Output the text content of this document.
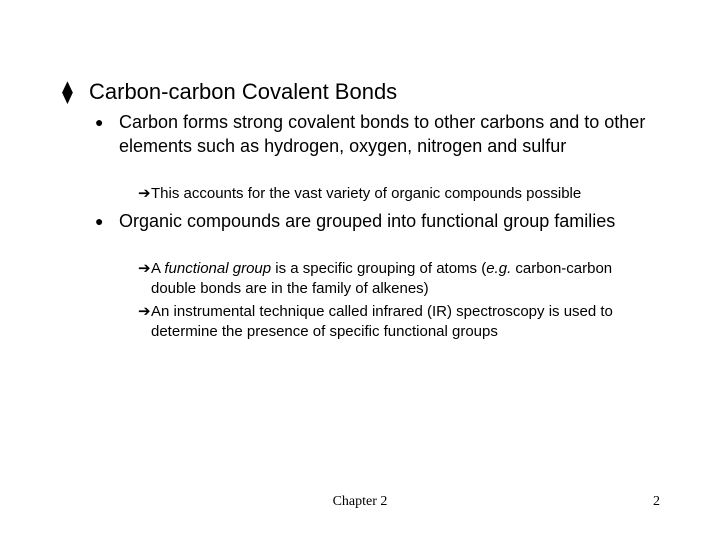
⧫ Carbon-carbon Covalent Bonds
● Carbon forms strong covalent bonds to other carbons and to other elements such as hydrogen, oxygen, nitrogen and sulfur
➔ This accounts for the vast variety of organic compounds possible
● Organic compounds are grouped into functional group families
➔ A functional group is a specific grouping of atoms (e.g. carbon-carbon double bonds are in the family of alkenes)
➔ An instrumental technique called infrared (IR) spectroscopy is used to determine the presence of specific functional groups
Chapter 2	2
